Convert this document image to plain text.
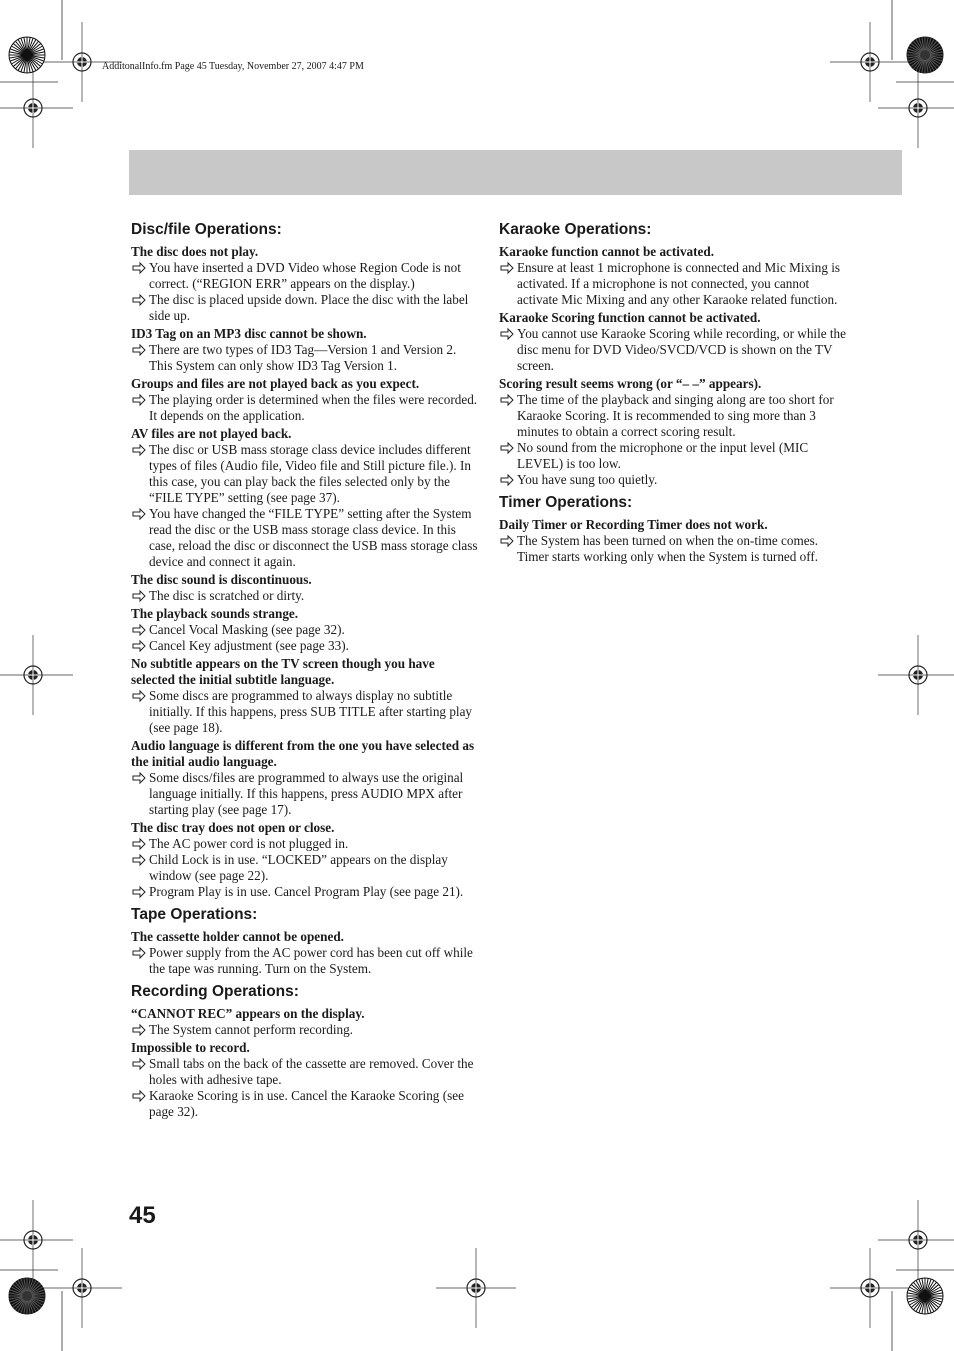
AdditonalInfo.fm Page 45 Tuesday, November 27, 2007 4:47 PM
Disc/file Operations:
The disc does not play.
You have inserted a DVD Video whose Region Code is not correct. (“REGION ERR” appears on the display.)
The disc is placed upside down. Place the disc with the label side up.
ID3 Tag on an MP3 disc cannot be shown.
There are two types of ID3 Tag—Version 1 and Version 2. This System can only show ID3 Tag Version 1.
Groups and files are not played back as you expect.
The playing order is determined when the files were recorded. It depends on the application.
AV files are not played back.
The disc or USB mass storage class device includes different types of files (Audio file, Video file and Still picture file.). In this case, you can play back the files selected only by the “FILE TYPE” setting (see page 37).
You have changed the “FILE TYPE” setting after the System read the disc or the USB mass storage class device. In this case, reload the disc or disconnect the USB mass storage class device and connect it again.
The disc sound is discontinuous.
The disc is scratched or dirty.
The playback sounds strange.
Cancel Vocal Masking (see page 32).
Cancel Key adjustment (see page 33).
No subtitle appears on the TV screen though you have selected the initial subtitle language.
Some discs are programmed to always display no subtitle initially. If this happens, press SUB TITLE after starting play (see page 18).
Audio language is different from the one you have selected as the initial audio language.
Some discs/files are programmed to always use the original language initially. If this happens, press AUDIO MPX after starting play (see page 17).
The disc tray does not open or close.
The AC power cord is not plugged in.
Child Lock is in use. “LOCKED” appears on the display window (see page 22).
Program Play is in use. Cancel Program Play (see page 21).
Tape Operations:
The cassette holder cannot be opened.
Power supply from the AC power cord has been cut off while the tape was running. Turn on the System.
Recording Operations:
“CANNOT REC” appears on the display.
The System cannot perform recording.
Impossible to record.
Small tabs on the back of the cassette are removed. Cover the holes with adhesive tape.
Karaoke Scoring is in use. Cancel the Karaoke Scoring (see page 32).
Karaoke Operations:
Karaoke function cannot be activated.
Ensure at least 1 microphone is connected and Mic Mixing is activated. If a microphone is not connected, you cannot activate Mic Mixing and any other Karaoke related function.
Karaoke Scoring function cannot be activated.
You cannot use Karaoke Scoring while recording, or while the disc menu for DVD Video/SVCD/VCD is shown on the TV screen.
Scoring result seems wrong (or “– –” appears).
The time of the playback and singing along are too short for Karaoke Scoring. It is recommended to sing more than 3 minutes to obtain a correct scoring result.
No sound from the microphone or the input level (MIC LEVEL) is too low.
You have sung too quietly.
Timer Operations:
Daily Timer or Recording Timer does not work.
The System has been turned on when the on-time comes. Timer starts working only when the System is turned off.
45
